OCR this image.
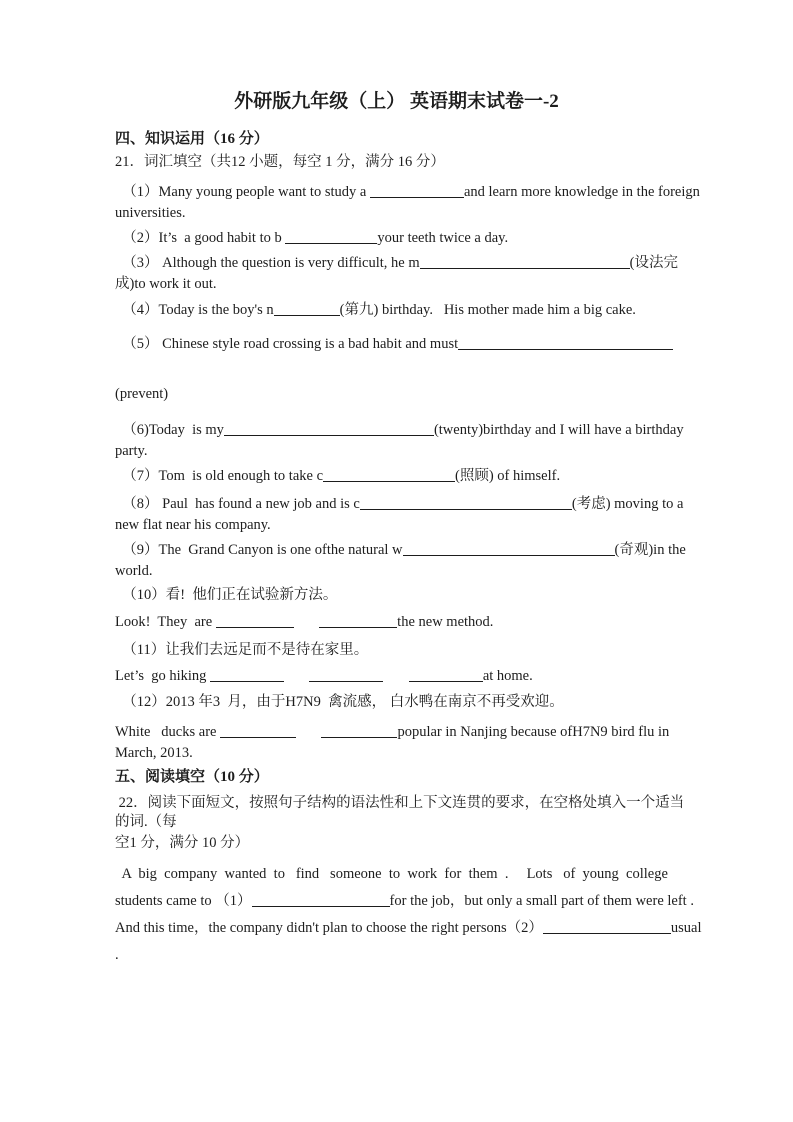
外研版九年级（上） 英语期末试卷一-2
四、知识运用（16 分）
21．词汇填空（共12 小题，每空 1 分，满分 16 分）
（1）Many young people want to study a	and learn more knowledge in the foreign
universities.
（2）It’s  a good habit to b	your teeth twice a day.
（3） Although the question is very difficult, he m	(设法完
成)to work it out.
（4）Today is the boy's n	(第九) birthday.   His mother made him a big cake.
（5） Chinese style road crossing is a bad habit and must
(prevent)
（6)Today  is my	(twenty)birthday and I will have a birthday
party.
（7）Tom  is old enough to take c	(照顾) of himself.
（8） Paul  has found a new job and is c	(考虑) moving to a
new flat near his company.
（9）The  Grand Canyon is one ofthe natural w	(奇观)in the
world.
（10）看!  他们正在试验新方法。
Look!  They  are	the new method.
（11）让我们去远足而不是待在家里。
Let’s  go hiking	at home.
（12）2013 年3  月，由于H7N9  禽流感， 白水鸭在南京不再受欢迎。
White   ducks are	popular in Nanjing because ofH7N9 bird flu in
March, 2013.
五、阅读填空（10 分）
22．阅读下面短文，按照句子结构的语法性和上下文连贯的要求，在空格处填入一个适当
的词.（每
空1 分，满分 10 分）
A  big  company  wanted  to   find   someone  to  work  for  them  .     Lots   of  young  college
students came to （1）	for the job，but only a small part of them were left .
And this time，the company didn't plan to choose the right persons（2）	usual
.
